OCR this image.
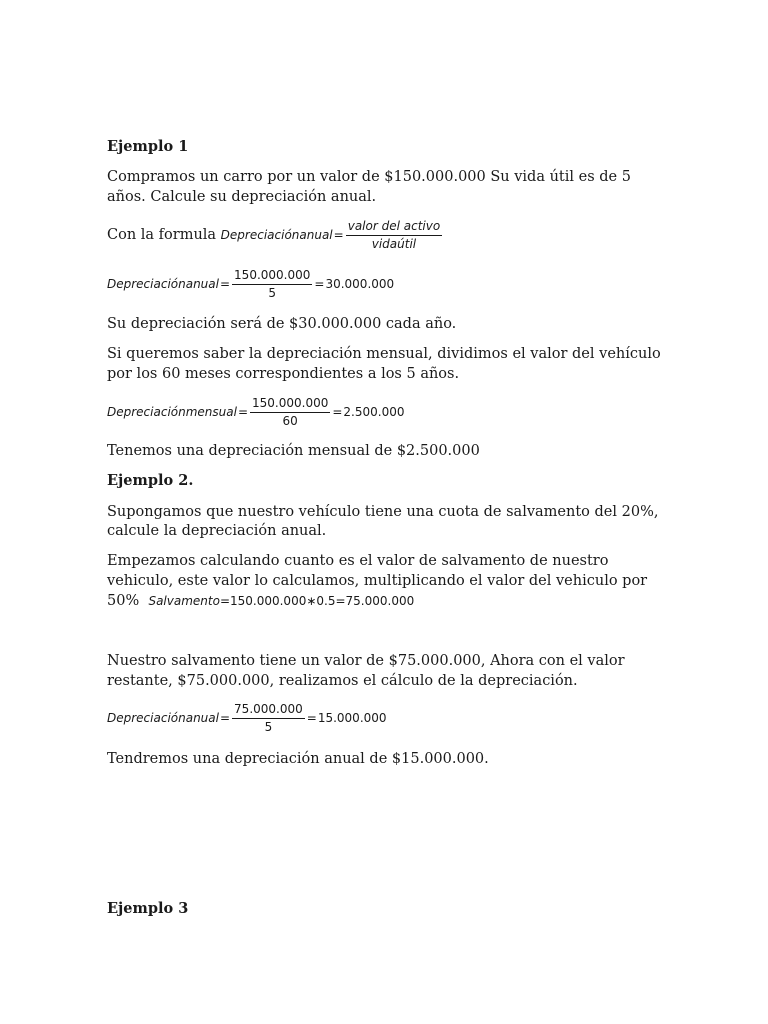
Ejemplo 1
Compramos un carro por un valor de $150.000.000 Su vida útil es de 5
años. Calcule su depreciación anual.
Con la formula Depreciaciónanual = $\frac{\text{valor del activo}}{\text{vidaútil}}$
Depreciaciónanual = $\frac{150.000.000}{5} = 30.000.000$
Su depreciación será de $30.000.000 cada año.
Si queremos saber la depreciación mensual, dividimos el valor del vehículo
por los 60 meses correspondientes a los 5 años.
Depreciaciónmensual = $\frac{150.000.000}{60} = 2.500.000$
Tenemos una depreciación mensual de $2.500.000
Ejemplo 2.
Supongamos que nuestro vehículo tiene una cuota de salvamento del 20%,
calcule la depreciación anual.
Empezamos calculando cuanto es el valor de salvamento de nuestro
vehiculo, este valor lo calculamos, multiplicando el valor del vehiculo por
50% Salvamento =150.000.000∗0.5=75.000.000
Nuestro salvamento tiene un valor de $75.000.000, Ahora con el valor
restante, $75.000.000, realizamos el cálculo de la depreciación.
Depreciaciónanual = $\frac{75.000.000}{5} = 15.000.000$
Tendremos una depreciación anual de $15.000.000.
Ejemplo 3
